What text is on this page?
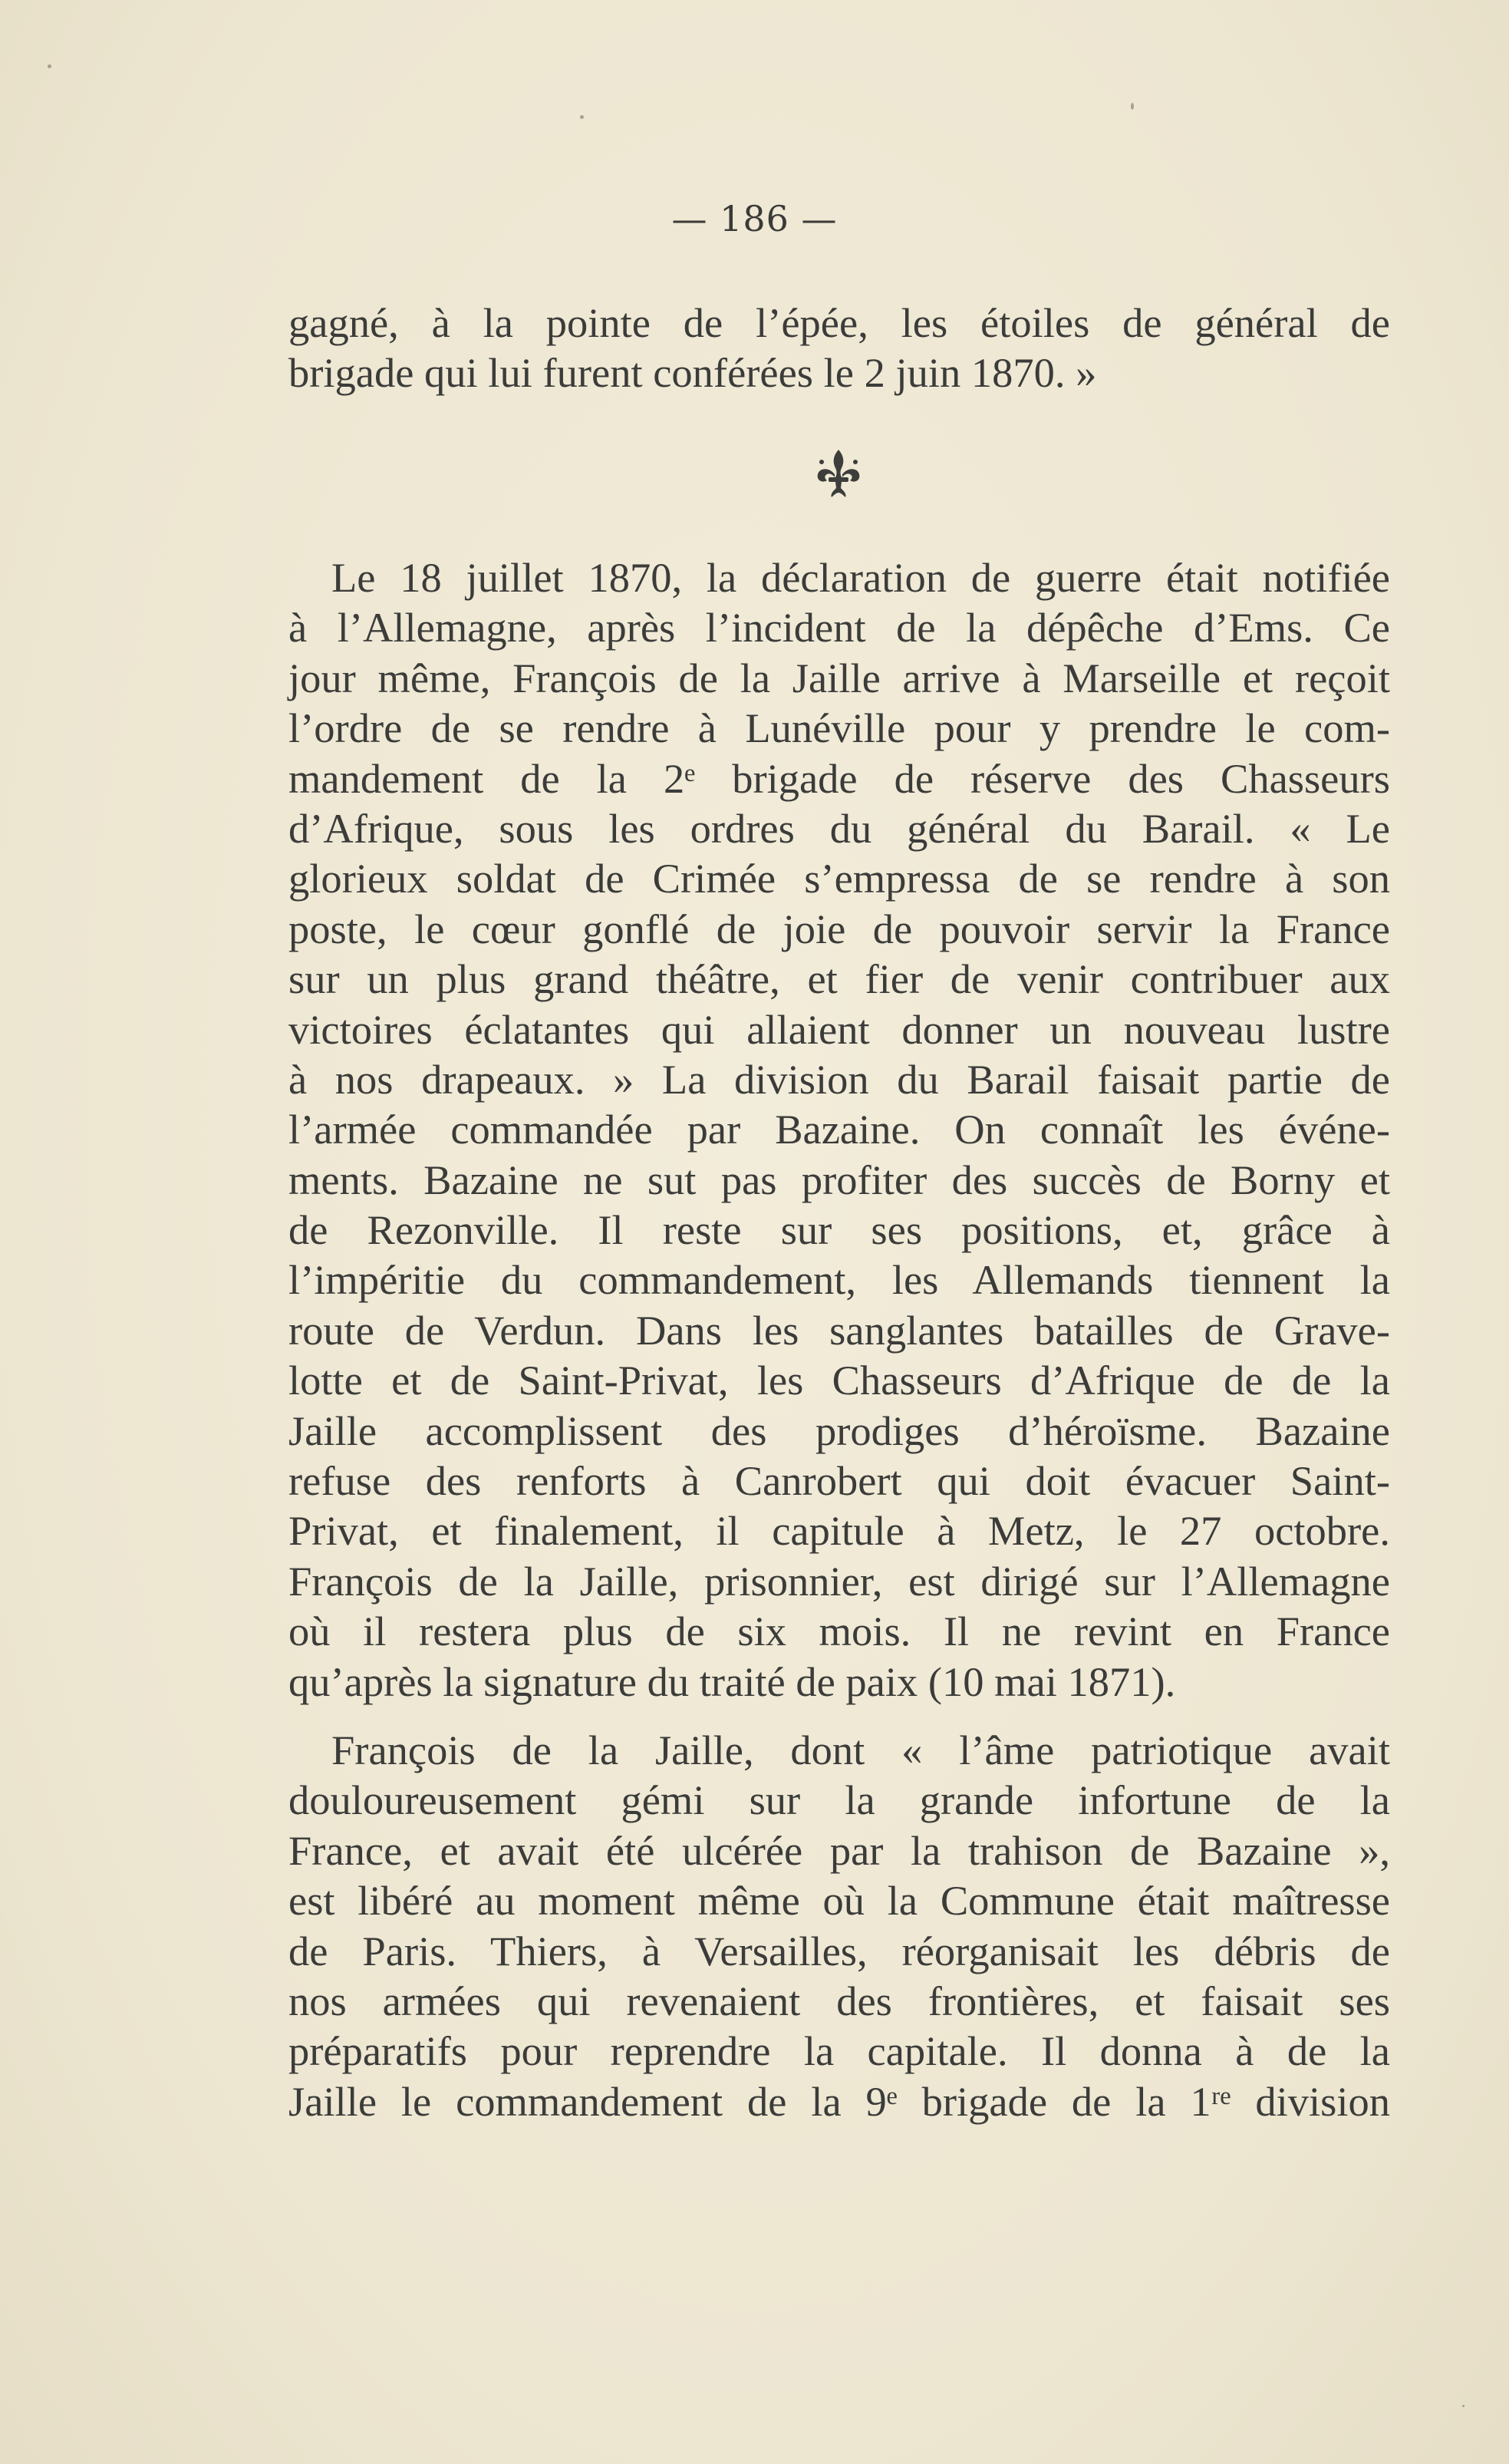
— 186 —
gagné, à la pointe de l’épée, les étoiles de général de
brigade qui lui furent conférées le 2 juin 1870. »
Le 18 juillet 1870, la déclaration de guerre était notifiée
à l’Allemagne, après l’incident de la dépêche d’Ems. Ce
jour même, François de la Jaille arrive à Marseille et reçoit
l’ordre de se rendre à Lunéville pour y prendre le com-
mandement de la 2ᵉ brigade de réserve des Chasseurs
d’Afrique, sous les ordres du général du Barail. « Le
glorieux soldat de Crimée s’empressa de se rendre à son
poste, le cœur gonflé de joie de pouvoir servir la France
sur un plus grand théâtre, et fier de venir contribuer aux
victoires éclatantes qui allaient donner un nouveau lustre
à nos drapeaux. » La division du Barail faisait partie de
l’armée commandée par Bazaine. On connaît les événe-
ments. Bazaine ne sut pas profiter des succès de Borny et
de Rezonville. Il reste sur ses positions, et, grâce à
l’impéritie du commandement, les Allemands tiennent la
route de Verdun. Dans les sanglantes batailles de Grave-
lotte et de Saint-Privat, les Chasseurs d’Afrique de de la
Jaille accomplissent des prodiges d’héroïsme. Bazaine
refuse des renforts à Canrobert qui doit évacuer Saint-
Privat, et finalement, il capitule à Metz, le 27 octobre.
François de la Jaille, prisonnier, est dirigé sur l’Allemagne
où il restera plus de six mois. Il ne revint en France
qu’après la signature du traité de paix (10 mai 1871).
François de la Jaille, dont « l’âme patriotique avait
douloureusement gémi sur la grande infortune de la
France, et avait été ulcérée par la trahison de Bazaine »,
est libéré au moment même où la Commune était maîtresse
de Paris. Thiers, à Versailles, réorganisait les débris de
nos armées qui revenaient des frontières, et faisait ses
préparatifs pour reprendre la capitale. Il donna à de la
Jaille le commandement de la 9ᵉ brigade de la 1ʳᵉ division
